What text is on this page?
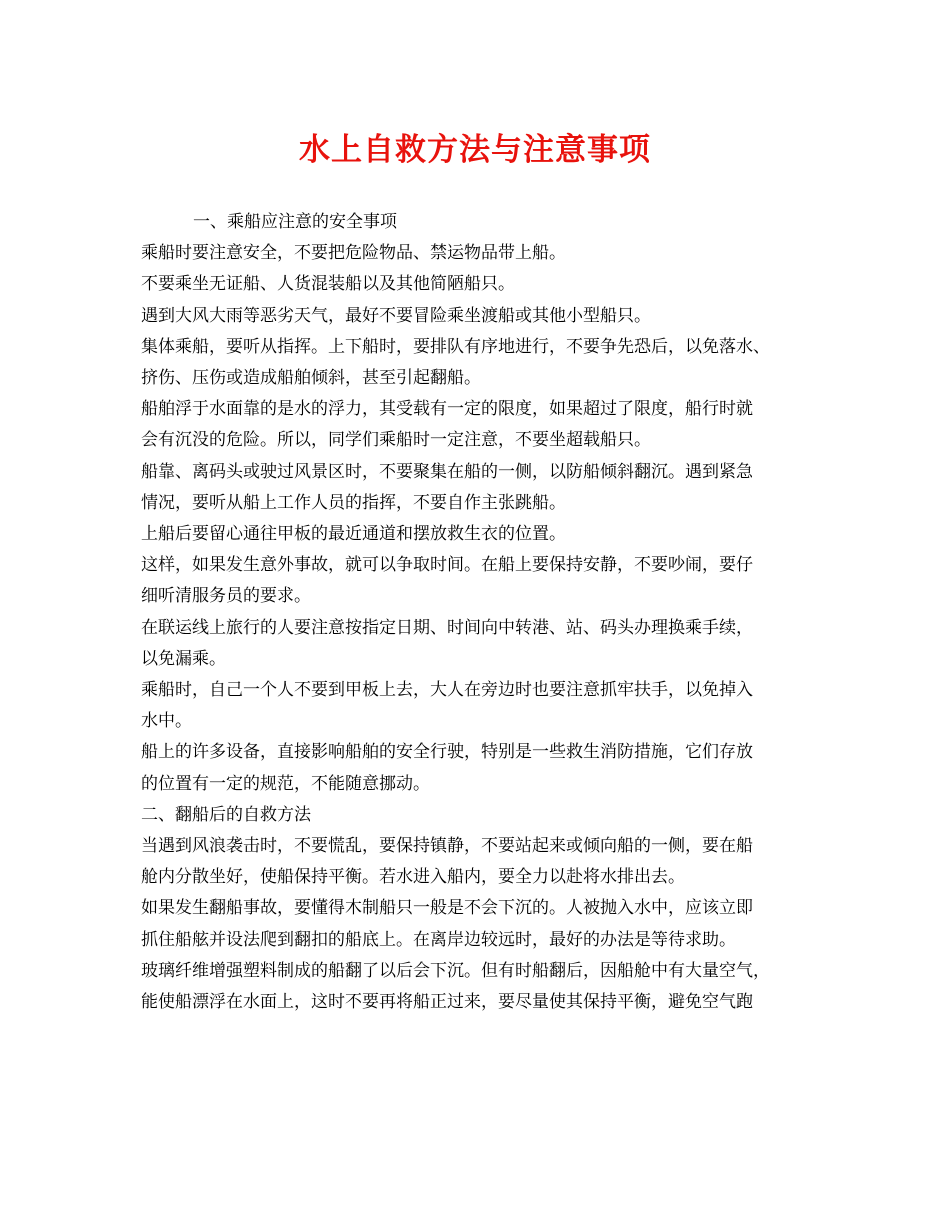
水上自救方法与注意事项

一、乘船应注意的安全事项

乘船时要注意安全，不要把危险物品、禁运物品带上船。

不要乘坐无证船、人货混装船以及其他简陋船只。

遇到大风大雨等恶劣天气，最好不要冒险乘坐渡船或其他小型船只。

集体乘船，要听从指挥。上下船时，要排队有序地进行，不要争先恐后，以免落水、
挤伤、压伤或造成船舶倾斜，甚至引起翻船。

船舶浮于水面靠的是水的浮力，其受载有一定的限度，如果超过了限度，船行时就
会有沉没的危险。所以，同学们乘船时一定注意，不要坐超载船只。

船靠、离码头或驶过风景区时，不要聚集在船的一侧，以防船倾斜翻沉。遇到紧急
情况，要听从船上工作人员的指挥，不要自作主张跳船。

上船后要留心通往甲板的最近通道和摆放救生衣的位置。

这样，如果发生意外事故，就可以争取时间。在船上要保持安静，不要吵闹，要仔
细听清服务员的要求。

在联运线上旅行的人要注意按指定日期、时间向中转港、站、码头办理换乘手续，
以免漏乘。

乘船时，自己一个人不要到甲板上去，大人在旁边时也要注意抓牢扶手，以免掉入
水中。

船上的许多设备，直接影响船舶的安全行驶，特别是一些救生消防措施，它们存放
的位置有一定的规范，不能随意挪动。

二、翻船后的自救方法

当遇到风浪袭击时，不要慌乱，要保持镇静，不要站起来或倾向船的一侧，要在船
舱内分散坐好，使船保持平衡。若水进入船内，要全力以赴将水排出去。

如果发生翻船事故，要懂得木制船只一般是不会下沉的。人被抛入水中，应该立即
抓住船舷并设法爬到翻扣的船底上。在离岸边较远时，最好的办法是等待求助。

玻璃纤维增强塑料制成的船翻了以后会下沉。但有时船翻后，因船舱中有大量空气，
能使船漂浮在水面上，这时不要再将船正过来，要尽量使其保持平衡，避免空气跑
